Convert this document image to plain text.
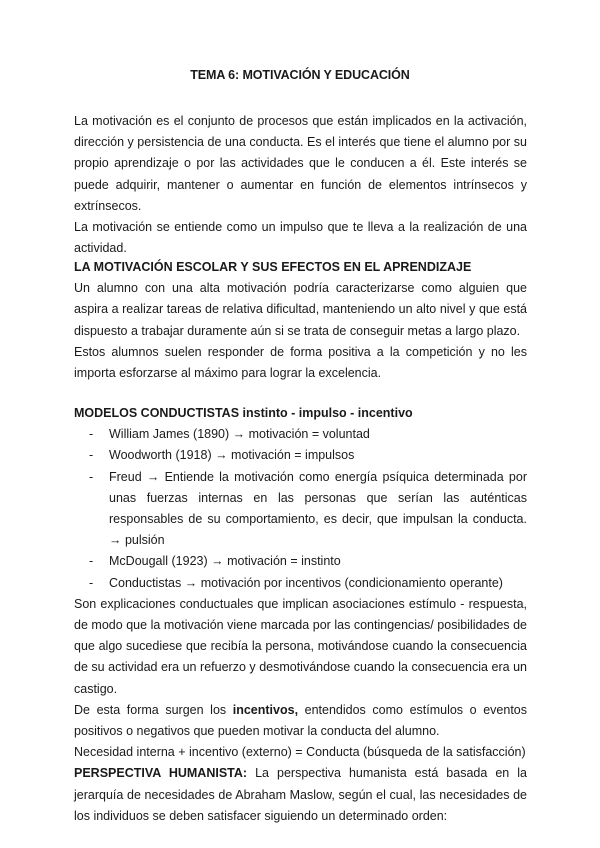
TEMA 6: MOTIVACIÓN Y EDUCACIÓN

La motivación es el conjunto de procesos que están implicados en la activación, dirección y persistencia de una conducta. Es el interés que tiene el alumno por su propio aprendizaje o por las actividades que le conducen a él. Este interés se puede adquirir, mantener o aumentar en función de elementos intrínsecos y extrínsecos.

La motivación se entiende como un impulso que te lleva a la realización de una actividad.

LA MOTIVACIÓN ESCOLAR Y SUS EFECTOS EN EL APRENDIZAJE

Un alumno con una alta motivación podría caracterizarse como alguien que aspira a realizar tareas de relativa dificultad, manteniendo un alto nivel y que está dispuesto a trabajar duramente aún si se trata de conseguir metas a largo plazo.

Estos alumnos suelen responder de forma positiva a la competición y no les importa esforzarse al máximo para lograr la excelencia.

MODELOS CONDUCTISTAS instinto - impulso - incentivo

- William James (1890) → motivación = voluntad
- Woodworth (1918) → motivación = impulsos
- Freud → Entiende la motivación como energía psíquica determinada por unas fuerzas internas en las personas que serían las auténticas responsables de su comportamiento, es decir, que impulsan la conducta. → pulsión
- McDougall (1923) → motivación = instinto
- Conductistas → motivación por incentivos (condicionamiento operante)

Son explicaciones conductuales que implican asociaciones estímulo - respuesta, de modo que la motivación viene marcada por las contingencias/ posibilidades de que algo sucediese que recibía la persona, motivándose cuando la consecuencia de su actividad era un refuerzo y desmotivándose cuando la consecuencia era un castigo.

De esta forma surgen los incentivos, entendidos como estímulos o eventos positivos o negativos que pueden motivar la conducta del alumno.

Necesidad interna + incentivo (externo) = Conducta (búsqueda de la satisfacción)

PERSPECTIVA HUMANISTA: La perspectiva humanista está basada en la jerarquía de necesidades de Abraham Maslow, según el cual, las necesidades de los individuos se deben satisfacer siguiendo un determinado orden:
